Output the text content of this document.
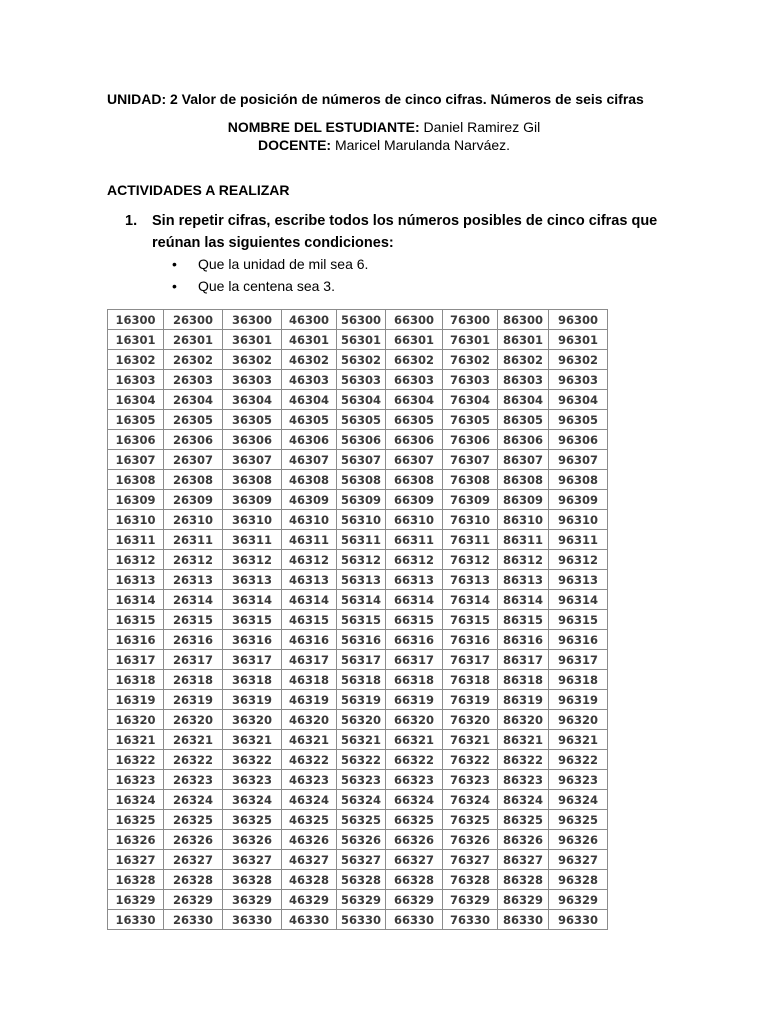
UNIDAD: 2 Valor de posición de números de cinco cifras. Números de seis cifras
NOMBRE DEL ESTUDIANTE: Daniel Ramirez Gil
DOCENTE: Maricel Marulanda Narváez.
ACTIVIDADES A REALIZAR
1. Sin repetir cifras, escribe todos los números posibles de cinco cifras que reúnan las siguientes condiciones:
• Que la unidad de mil sea 6.
• Que la centena sea 3.
16300	26300	36300	46300	56300	66300	76300	86300	96300
16301	26301	36301	46301	56301	66301	76301	86301	96301
16302	26302	36302	46302	56302	66302	76302	86302	96302
16303	26303	36303	46303	56303	66303	76303	86303	96303
16304	26304	36304	46304	56304	66304	76304	86304	96304
16305	26305	36305	46305	56305	66305	76305	86305	96305
16306	26306	36306	46306	56306	66306	76306	86306	96306
16307	26307	36307	46307	56307	66307	76307	86307	96307
16308	26308	36308	46308	56308	66308	76308	86308	96308
16309	26309	36309	46309	56309	66309	76309	86309	96309
16310	26310	36310	46310	56310	66310	76310	86310	96310
16311	26311	36311	46311	56311	66311	76311	86311	96311
16312	26312	36312	46312	56312	66312	76312	86312	96312
16313	26313	36313	46313	56313	66313	76313	86313	96313
16314	26314	36314	46314	56314	66314	76314	86314	96314
16315	26315	36315	46315	56315	66315	76315	86315	96315
16316	26316	36316	46316	56316	66316	76316	86316	96316
16317	26317	36317	46317	56317	66317	76317	86317	96317
16318	26318	36318	46318	56318	66318	76318	86318	96318
16319	26319	36319	46319	56319	66319	76319	86319	96319
16320	26320	36320	46320	56320	66320	76320	86320	96320
16321	26321	36321	46321	56321	66321	76321	86321	96321
16322	26322	36322	46322	56322	66322	76322	86322	96322
16323	26323	36323	46323	56323	66323	76323	86323	96323
16324	26324	36324	46324	56324	66324	76324	86324	96324
16325	26325	36325	46325	56325	66325	76325	86325	96325
16326	26326	36326	46326	56326	66326	76326	86326	96326
16327	26327	36327	46327	56327	66327	76327	86327	96327
16328	26328	36328	46328	56328	66328	76328	86328	96328
16329	26329	36329	46329	56329	66329	76329	86329	96329
16330	26330	36330	46330	56330	66330	76330	86330	96330
